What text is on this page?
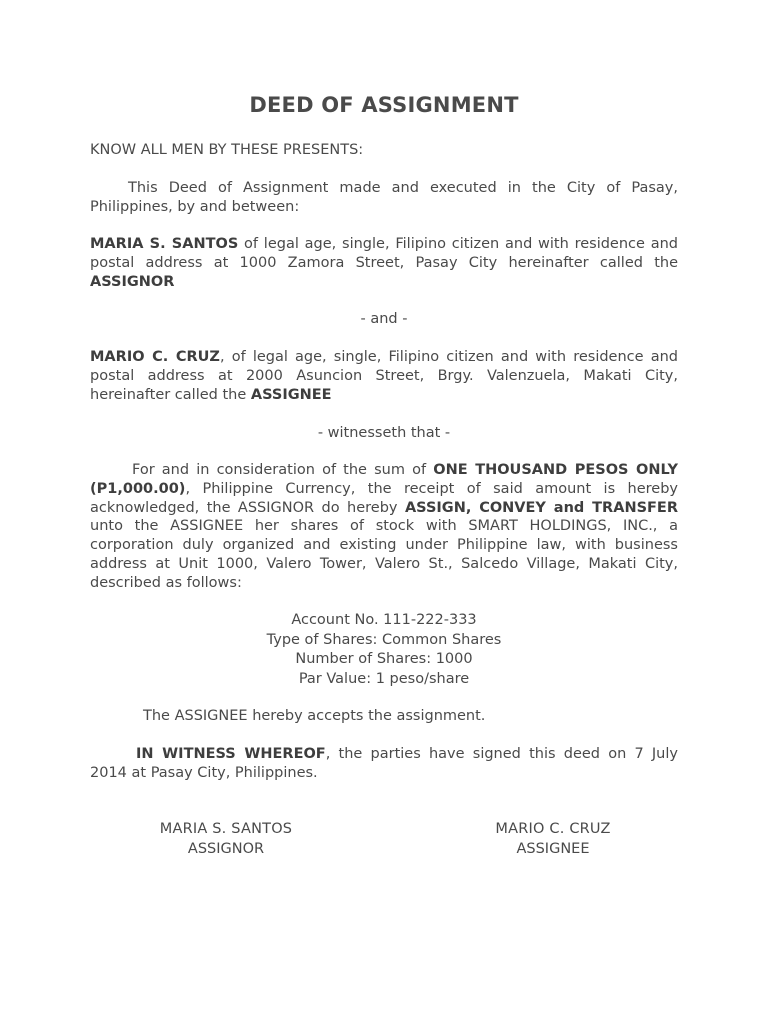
DEED OF ASSIGNMENT
KNOW ALL MEN BY THESE PRESENTS:
This Deed of Assignment made and executed in the City of Pasay, Philippines, by and between:
MARIA S. SANTOS of legal age, single, Filipino citizen and with residence and postal address at 1000 Zamora Street, Pasay City hereinafter called the ASSIGNOR
- and -
MARIO C. CRUZ, of legal age, single, Filipino citizen and with residence and postal address at 2000 Asuncion Street, Brgy. Valenzuela, Makati City, hereinafter called the ASSIGNEE
- witnesseth that -
For and in consideration of the sum of ONE THOUSAND PESOS ONLY (P1,000.00), Philippine Currency, the receipt of said amount is hereby acknowledged, the ASSIGNOR do hereby ASSIGN, CONVEY and TRANSFER unto the ASSIGNEE her shares of stock with SMART HOLDINGS, INC., a corporation duly organized and existing under Philippine law, with business address at Unit 1000, Valero Tower, Valero St., Salcedo Village, Makati City, described as follows:
Account No. 111-222-333
Type of Shares: Common Shares
Number of Shares: 1000
Par Value: 1 peso/share
The ASSIGNEE hereby accepts the assignment.
IN WITNESS WHEREOF, the parties have signed this deed on 7 July 2014 at Pasay City, Philippines.
MARIA S. SANTOS
ASSIGNOR
MARIO C. CRUZ
ASSIGNEE
